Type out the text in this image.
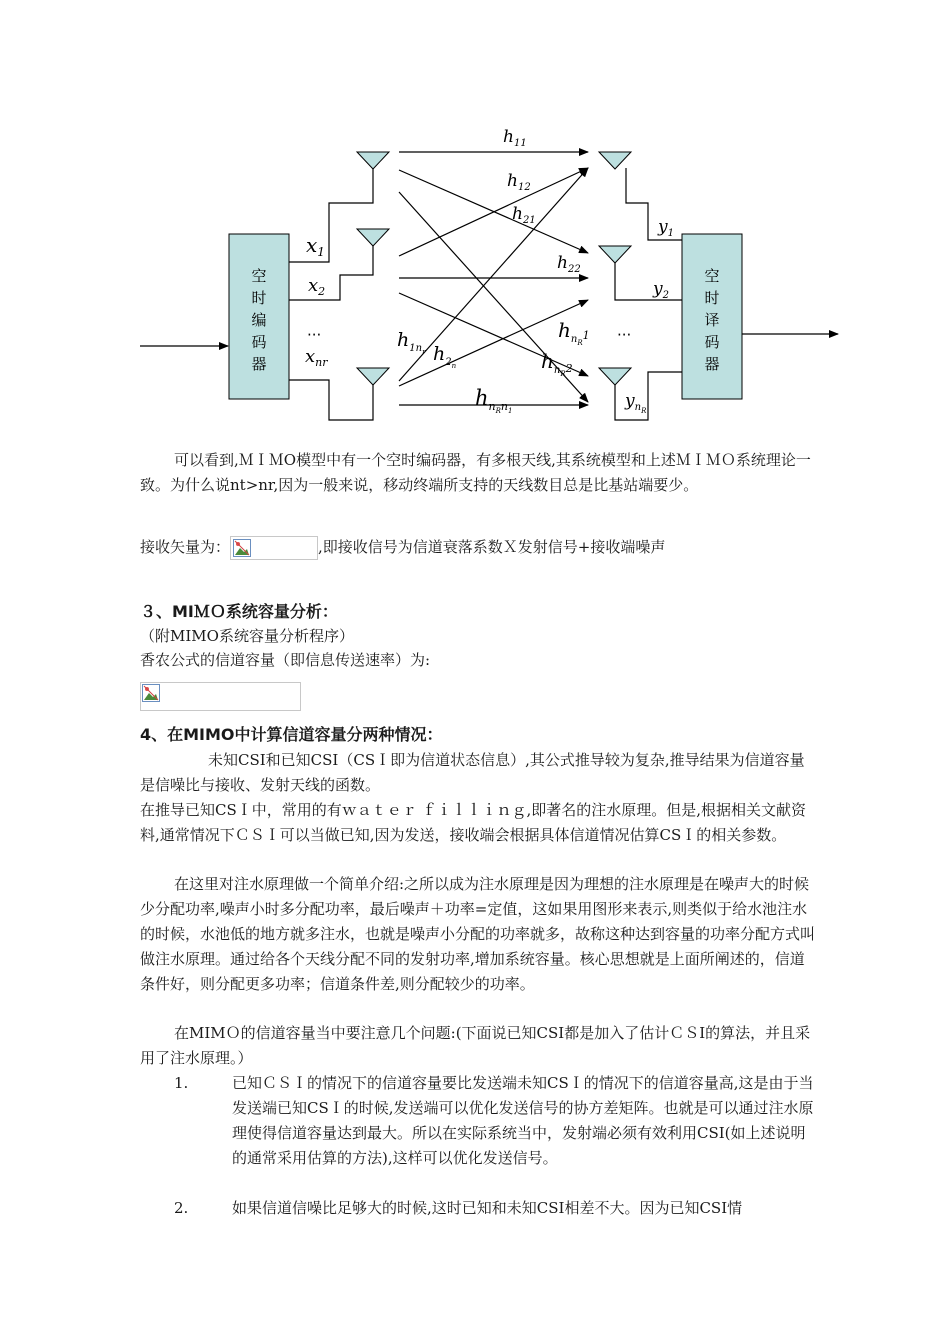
空
时
编
码
器
空
时
译
码
器
$x_1$
$x_2$
$x_{nr}$
···
$y_1$
$y_2$
$y_nR$
···
$h_{11}$
$h_{12}$
$h_{21}$
$h_{22}$
$h_{1n}r$ $h_2n$
$h_nR^1$
$h_nR^2$
$h_nRn1$

可以看到,ＭＩＭO模型中有一个空时编码器，有多根天线,其系统模型和上述ＭＩＭＯ系统理论一致。为什么说nt>nr,因为一般来说，移动终端所支持的天线数目总是比基站端要少。

接收矢量为：	,即接收信号为信道衰落系数Ｘ发射信号+接收端噪声

３、MIＭＯ系统容量分析：

（附MIMO系统容量分析程序）

香农公式的信道容量（即信息传送速率）为:

4、在MIMO中计算信道容量分两种情况：

未知CSI和已知CSI（CSＩ即为信道状态信息）,其公式推导较为复杂,推导结果为信道容量是信噪比与接收、发射天线的函数。

在推导已知CSＩ中，常用的有ｗａｔｅｒ ｆｉｌｌｉｎｇ,即著名的注水原理。但是,根据相关文献资料,通常情况下ＣＳＩ可以当做已知,因为发送，接收端会根据具体信道情况估算CSＩ的相关参数。

在这里对注水原理做一个简单介绍:之所以成为注水原理是因为理想的注水原理是在噪声大的时候少分配功率,噪声小时多分配功率，最后噪声＋功率=定值，这如果用图形来表示,则类似于给水池注水的时候，水池低的地方就多注水，也就是噪声小分配的功率就多，故称这种达到容量的功率分配方式叫做注水原理。通过给各个天线分配不同的发射功率,增加系统容量。核心思想就是上面所阐述的，信道条件好，则分配更多功率；信道条件差,则分配较少的功率。

在MIMＯ的信道容量当中要注意几个问题:(下面说已知CSI都是加入了估计ＣＳI的算法，并且采用了注水原理。）

1.	已知ＣＳＩ的情况下的信道容量要比发送端未知CSＩ的情况下的信道容量高,这是由于当发送端已知CSＩ的时候,发送端可以优化发送信号的协方差矩阵。也就是可以通过注水原理使得信道容量达到最大。所以在实际系统当中，发射端必须有效利用CSI(如上述说明的通常采用估算的方法),这样可以优化发送信号。
2.	如果信道信噪比足够大的时候,这时已知和未知CSI相差不大。因为已知CSI情
